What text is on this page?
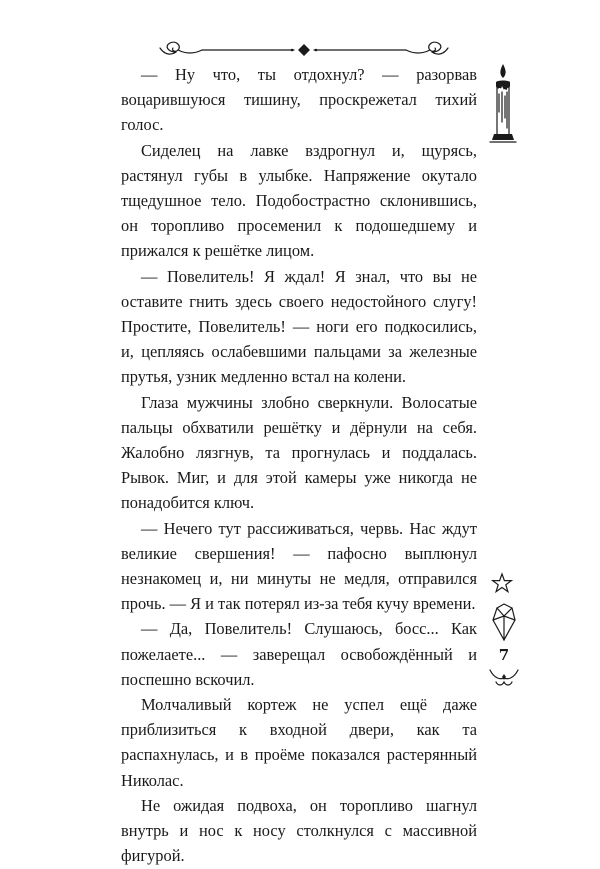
— Ну что, ты отдохнул? — разорвав воцарившуюся тишину, проскрежетал тихий голос.

Сиделец на лавке вздрогнул и, щурясь, растянул губы в улыбке. Напряжение окутало тщедушное тело. Подобострастно склонившись, он торопливо просеменил к подошедшему и прижался к решётке лицом.

— Повелитель! Я ждал! Я знал, что вы не оставите гнить здесь своего недостойного слугу! Простите, Повелитель! — ноги его подкосились, и, цепляясь ослабевшими пальцами за железные прутья, узник медленно встал на колени.

Глаза мужчины злобно сверкнули. Волосатые пальцы обхватили решётку и дёрнули на себя. Жалобно лязгнув, та прогнулась и поддалась. Рывок. Миг, и для этой камеры уже никогда не понадобится ключ.

— Нечего тут рассиживаться, червь. Нас ждут великие свершения! — пафосно выплюнул незнакомец и, ни минуты не медля, отправился прочь. — Я и так потерял из-за тебя кучу времени.

— Да, Повелитель! Слушаюсь, босс... Как пожелаете... — заверещал освобождённый и поспешно вскочил.

Молчаливый кортеж не успел ещё даже приблизиться к входной двери, как та распахнулась, и в проёме показался растерянный Николас.

Не ожидая подвоха, он торопливо шагнул внутрь и нос к носу столкнулся с массивной фигурой.

7
